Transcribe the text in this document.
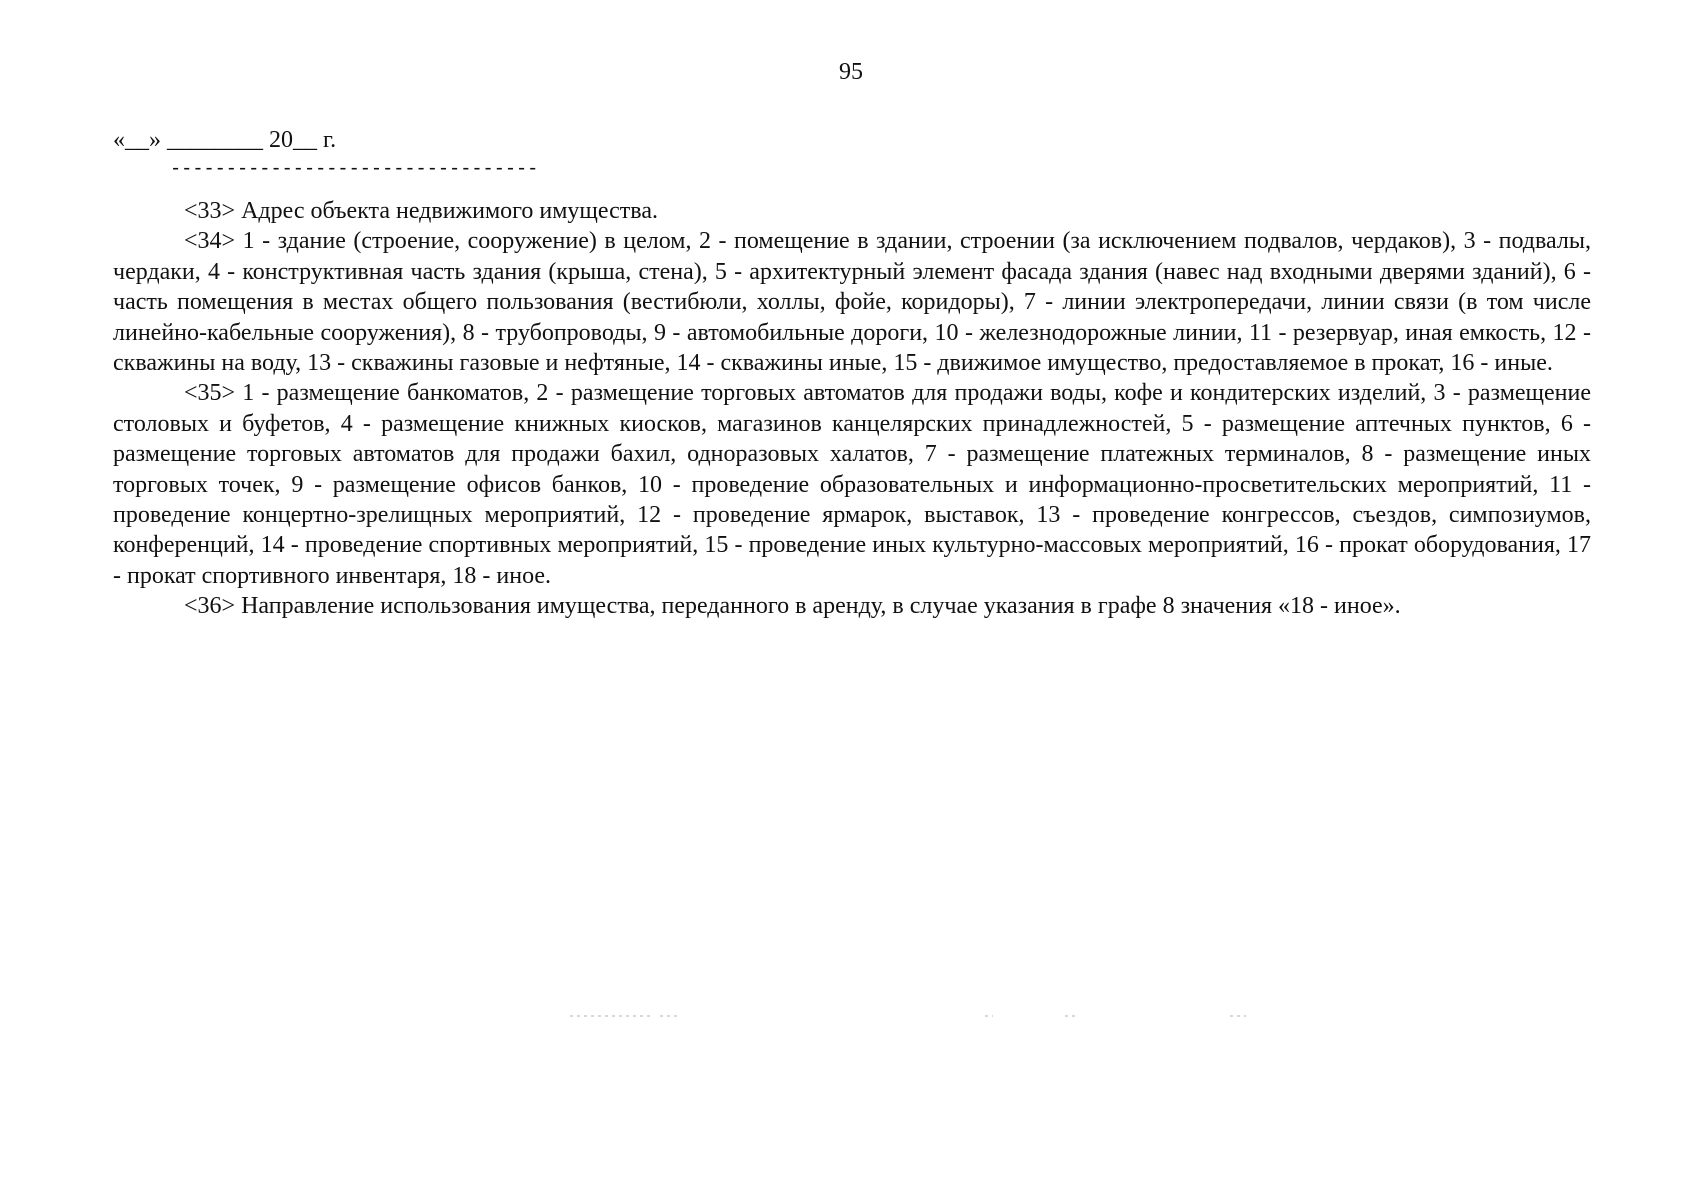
95
«__» ________ 20__ г.
---------------------------------

<33> Адрес объекта недвижимого имущества.

<34> 1 - здание (строение, сооружение) в целом, 2 - помещение в здании, строении (за исключением подвалов, чердаков), 3 - подвалы, чердаки, 4 - конструктивная часть здания (крыша, стена), 5 - архитектурный элемент фасада здания (навес над входными дверями зданий), 6 - часть помещения в местах общего пользования (вестибюли, холлы, фойе, коридоры), 7 - линии электропередачи, линии связи (в том числе линейно-кабельные сооружения), 8 - трубопроводы, 9 - автомобильные дороги, 10 - железнодорожные линии, 11 - резервуар, иная емкость, 12 - скважины на воду, 13 - скважины газовые и нефтяные, 14 - скважины иные, 15 - движимое имущество, предоставляемое в прокат, 16 - иные.

<35> 1 - размещение банкоматов, 2 - размещение торговых автоматов для продажи воды, кофе и кондитерских изделий, 3 - размещение столовых и буфетов, 4 - размещение книжных киосков, магазинов канцелярских принадлежностей, 5 - размещение аптечных пунктов, 6 - размещение торговых автоматов для продажи бахил, одноразовых халатов, 7 - размещение платежных терминалов, 8 - размещение иных торговых точек, 9 - размещение офисов банков, 10 - проведение образовательных и информационно-просветительских мероприятий, 11 - проведение концертно-зрелищных мероприятий, 12 - проведение ярмарок, выставок, 13 - проведение конгрессов, съездов, симпозиумов, конференций, 14 - проведение спортивных мероприятий, 15 - проведение иных культурно-массовых мероприятий, 16 - прокат оборудования, 17 - прокат спортивного инвентаря, 18 - иное.

<36> Направление использования имущества, переданного в аренду, в случае указания в графе 8 значения «18 - иное».
